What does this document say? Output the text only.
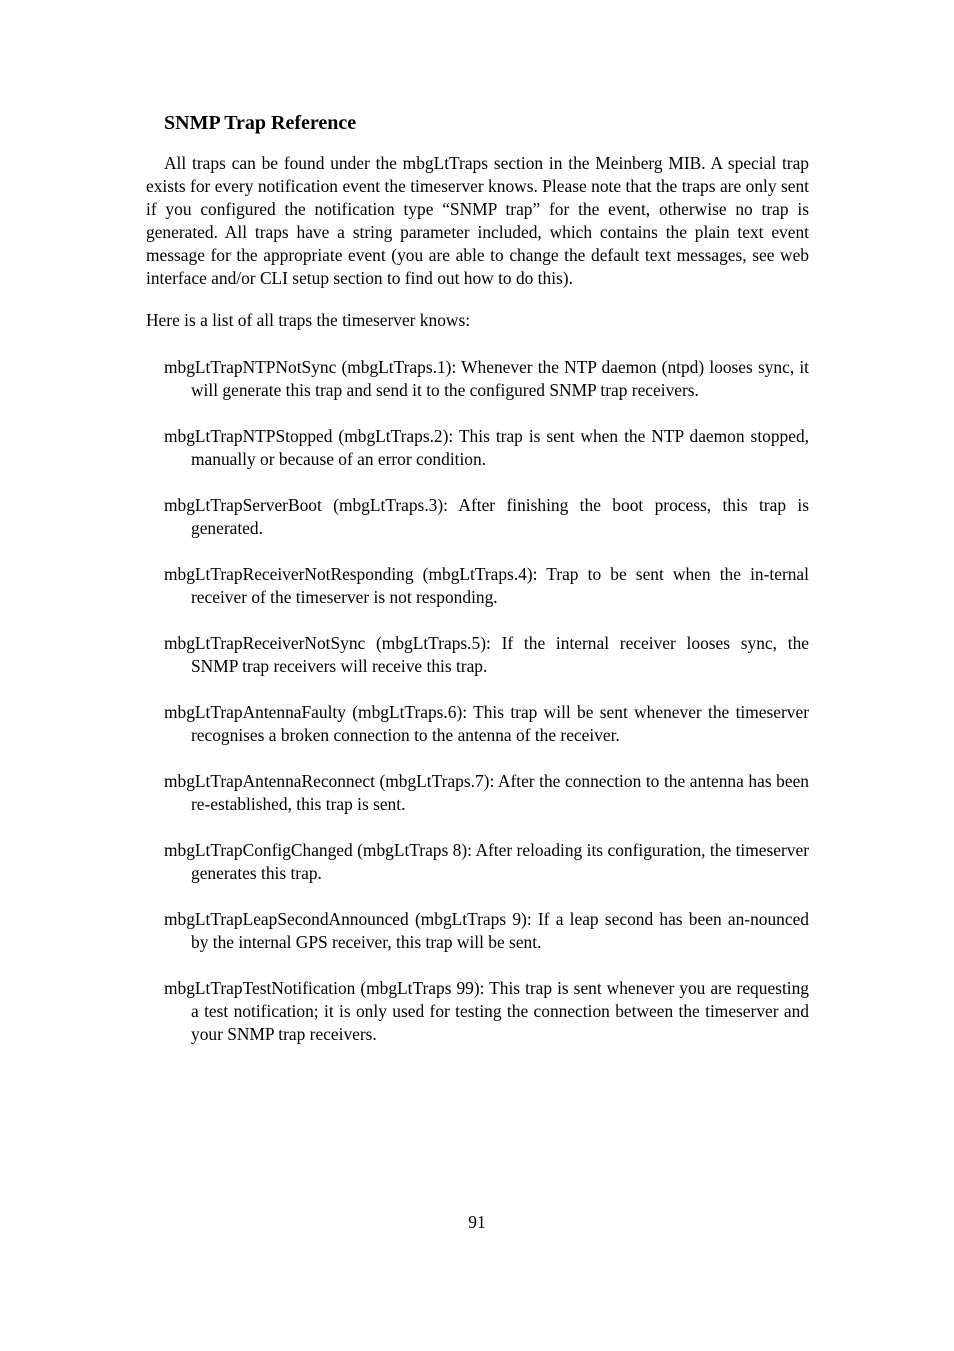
SNMP Trap Reference

All traps can be found under the mbgLtTraps section in the Meinberg MIB. A special trap exists for every notification event the timeserver knows. Please note that the traps are only sent if you configured the notification type “SNMP trap” for the event, otherwise no trap is generated. All traps have a string parameter included, which contains the plain text event message for the appropriate event (you are able to change the default text messages, see web interface and/or CLI setup section to find out how to do this).

Here is a list of all traps the timeserver knows:

mbgLtTrapNTPNotSync (mbgLtTraps.1): Whenever the NTP daemon (ntpd) looses sync, it will generate this trap and send it to the configured SNMP trap receivers.
mbgLtTrapNTPStopped (mbgLtTraps.2): This trap is sent when the NTP daemon stopped, manually or because of an error condition.
mbgLtTrapServerBoot (mbgLtTraps.3): After finishing the boot process, this trap is generated.
mbgLtTrapReceiverNotResponding (mbgLtTraps.4): Trap to be sent when the in-ternal receiver of the timeserver is not responding.
mbgLtTrapReceiverNotSync (mbgLtTraps.5): If the internal receiver looses sync, the SNMP trap receivers will receive this trap.
mbgLtTrapAntennaFaulty (mbgLtTraps.6): This trap will be sent whenever the timeserver recognises a broken connection to the antenna of the receiver.
mbgLtTrapAntennaReconnect (mbgLtTraps.7): After the connection to the antenna has been re-established, this trap is sent.
mbgLtTrapConfigChanged (mbgLtTraps 8): After reloading its configuration, the timeserver generates this trap.
mbgLtTrapLeapSecondAnnounced (mbgLtTraps 9): If a leap second has been an-nounced by the internal GPS receiver, this trap will be sent.
mbgLtTrapTestNotification (mbgLtTraps 99): This trap is sent whenever you are requesting a test notification; it is only used for testing the connection between the timeserver and your SNMP trap receivers.
91
